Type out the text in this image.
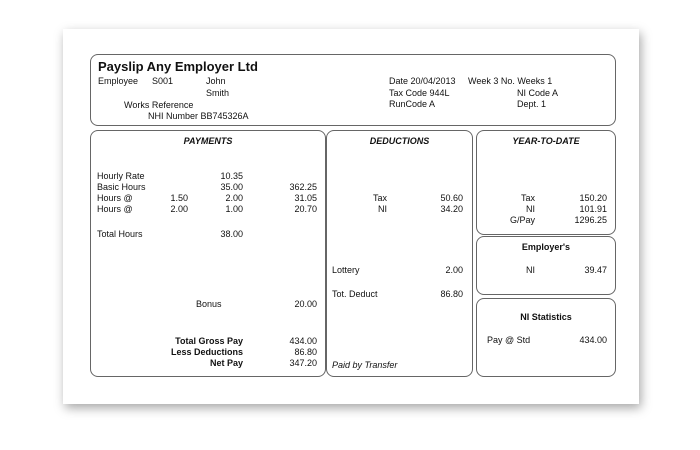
Payslip Any Employer Ltd
Employee S001	John
Smith
Works Reference
NHI Number BB745326A
Date 20/04/2013 Week 3 No. Weeks 1
Tax Code 944L	NI Code A
RunCode A	Dept. 1
PAYMENTS
Hourly Rate	10.35
Basic Hours	35.00	362.25
Hours @	1.50	2.00	31.05
Hours @	2.00	1.00	20.70
Total Hours	38.00
Bonus	20.00
Total Gross Pay	434.00
Less Deductions	86.80
Net Pay	347.20
DEDUCTIONS
Tax	50.60
NI	34.20
Lottery	2.00
Tot. Deduct	86.80
Paid by Transfer
YEAR-TO-DATE
Tax	150.20
NI	101.91
G/Pay	1296.25
Employer's
NI	39.47
NI Statistics
Pay @ Std	434.00
